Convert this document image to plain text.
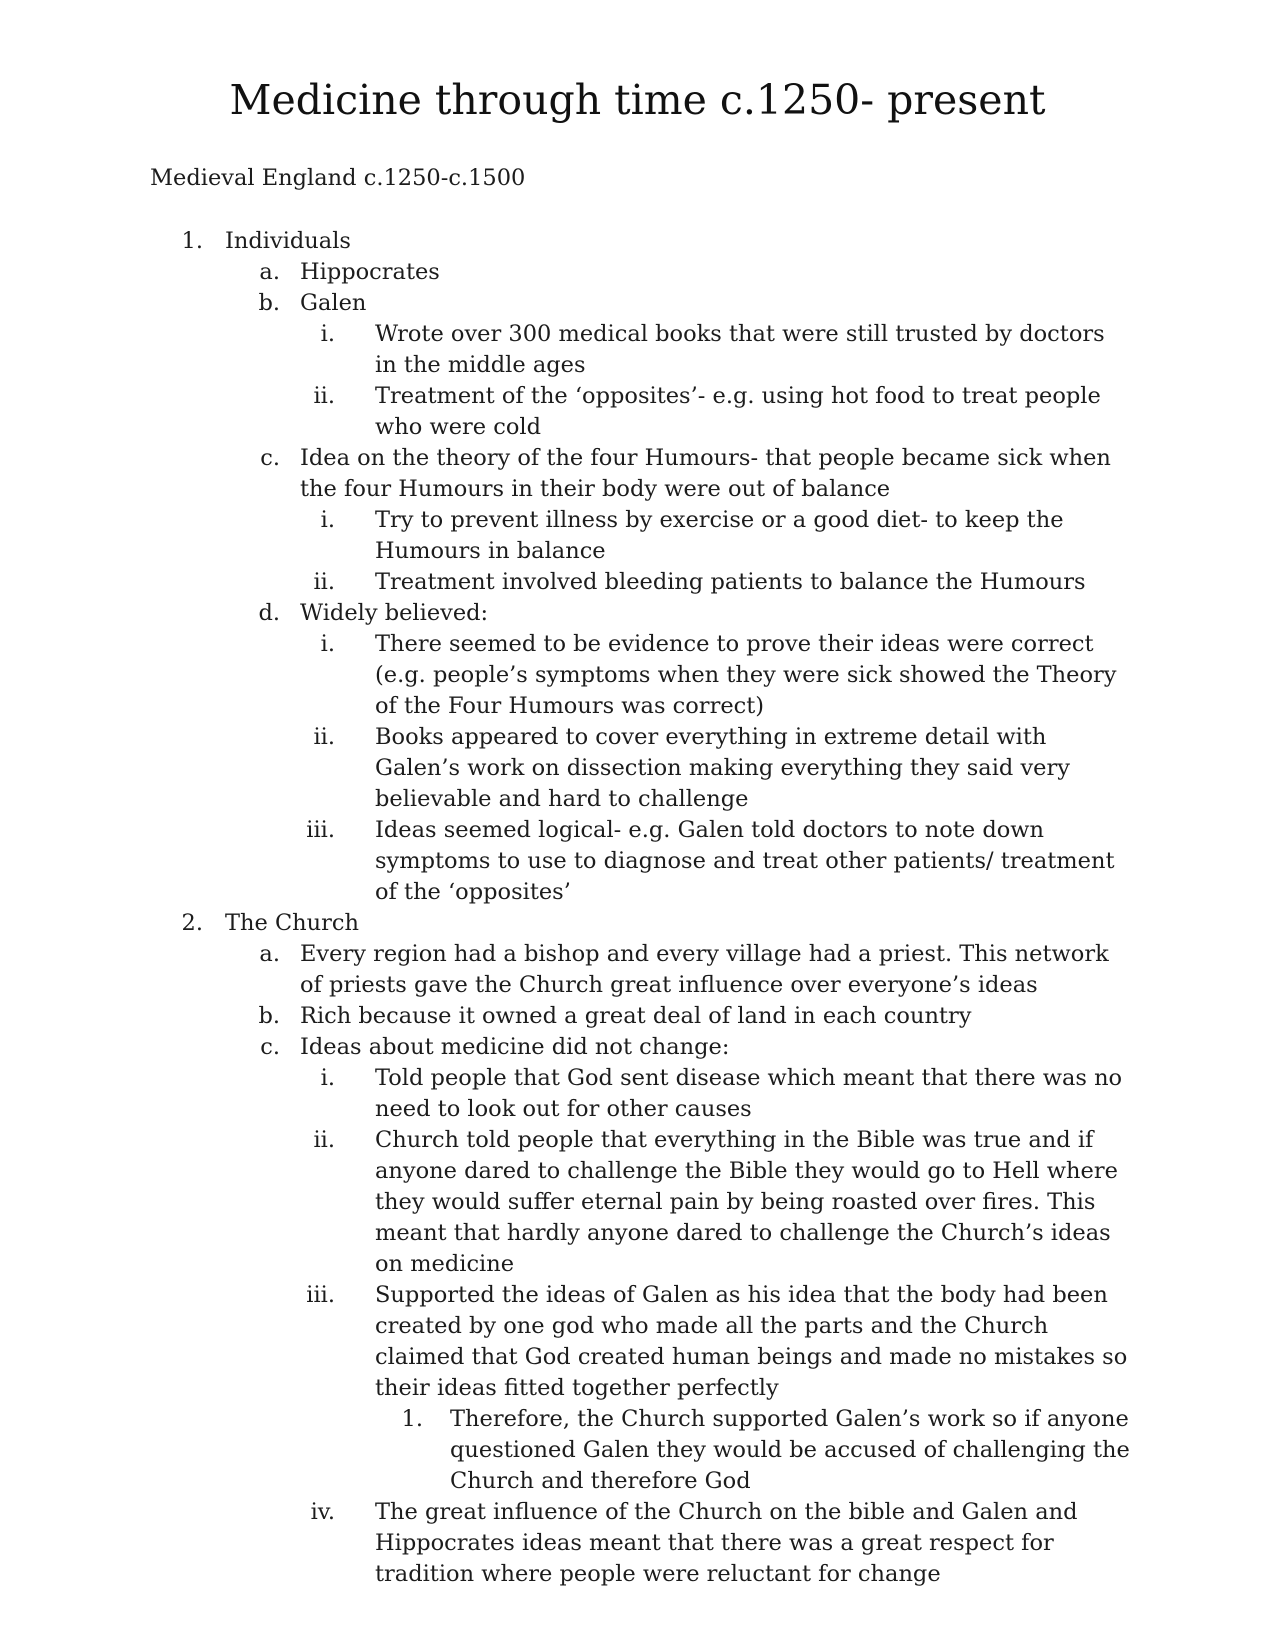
Medicine through time c.1250- present
Medieval England c.1250-c.1500
1. Individuals
a. Hippocrates
b. Galen
i. Wrote over 300 medical books that were still trusted by doctors in the middle ages
ii. Treatment of the ‘opposites’- e.g. using hot food to treat people who were cold
c. Idea on the theory of the four Humours- that people became sick when the four Humours in their body were out of balance
i. Try to prevent illness by exercise or a good diet- to keep the Humours in balance
ii. Treatment involved bleeding patients to balance the Humours
d. Widely believed:
i. There seemed to be evidence to prove their ideas were correct (e.g. people’s symptoms when they were sick showed the Theory of the Four Humours was correct)
ii. Books appeared to cover everything in extreme detail with Galen’s work on dissection making everything they said very believable and hard to challenge
iii. Ideas seemed logical- e.g. Galen told doctors to note down symptoms to use to diagnose and treat other patients/ treatment of the ‘opposites’
2. The Church
a. Every region had a bishop and every village had a priest. This network of priests gave the Church great influence over everyone’s ideas
b. Rich because it owned a great deal of land in each country
c. Ideas about medicine did not change:
i. Told people that God sent disease which meant that there was no need to look out for other causes
ii. Church told people that everything in the Bible was true and if anyone dared to challenge the Bible they would go to Hell where they would suffer eternal pain by being roasted over fires. This meant that hardly anyone dared to challenge the Church’s ideas on medicine
iii. Supported the ideas of Galen as his idea that the body had been created by one god who made all the parts and the Church claimed that God created human beings and made no mistakes so their ideas fitted together perfectly
1. Therefore, the Church supported Galen’s work so if anyone questioned Galen they would be accused of challenging the Church and therefore God
iv. The great influence of the Church on the bible and Galen and Hippocrates ideas meant that there was a great respect for tradition where people were reluctant for change
